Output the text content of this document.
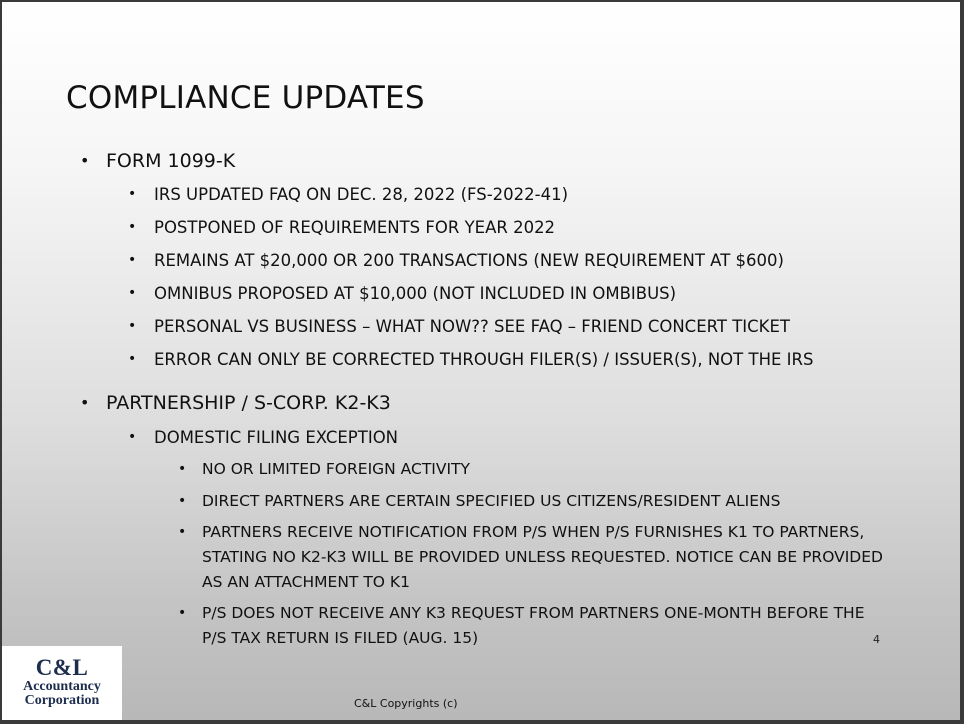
COMPLIANCE UPDATES
• FORM 1099-K
• IRS UPDATED FAQ ON DEC. 28, 2022 (FS-2022-41)
• POSTPONED OF REQUIREMENTS FOR YEAR 2022
• REMAINS AT $20,000 OR 200 TRANSACTIONS (NEW REQUIREMENT AT $600)
• OMNIBUS PROPOSED AT $10,000 (NOT INCLUDED IN OMBIBUS)
• PERSONAL VS BUSINESS – WHAT NOW?? SEE FAQ – FRIEND CONCERT TICKET
• ERROR CAN ONLY BE CORRECTED THROUGH FILER(S) / ISSUER(S), NOT THE IRS
• PARTNERSHIP / S-CORP. K2-K3
• DOMESTIC FILING EXCEPTION
• NO OR LIMITED FOREIGN ACTIVITY
• DIRECT PARTNERS ARE CERTAIN SPECIFIED US CITIZENS/RESIDENT ALIENS
• PARTNERS RECEIVE NOTIFICATION FROM P/S WHEN P/S FURNISHES K1 TO PARTNERS, STATING NO K2-K3 WILL BE PROVIDED UNLESS REQUESTED. NOTICE CAN BE PROVIDED AS AN ATTACHMENT TO K1
• P/S DOES NOT RECEIVE ANY K3 REQUEST FROM PARTNERS ONE-MONTH BEFORE THE P/S TAX RETURN IS FILED (AUG. 15)	4
C&L Copyrights (c)
C&L
Accountancy
Corporation
